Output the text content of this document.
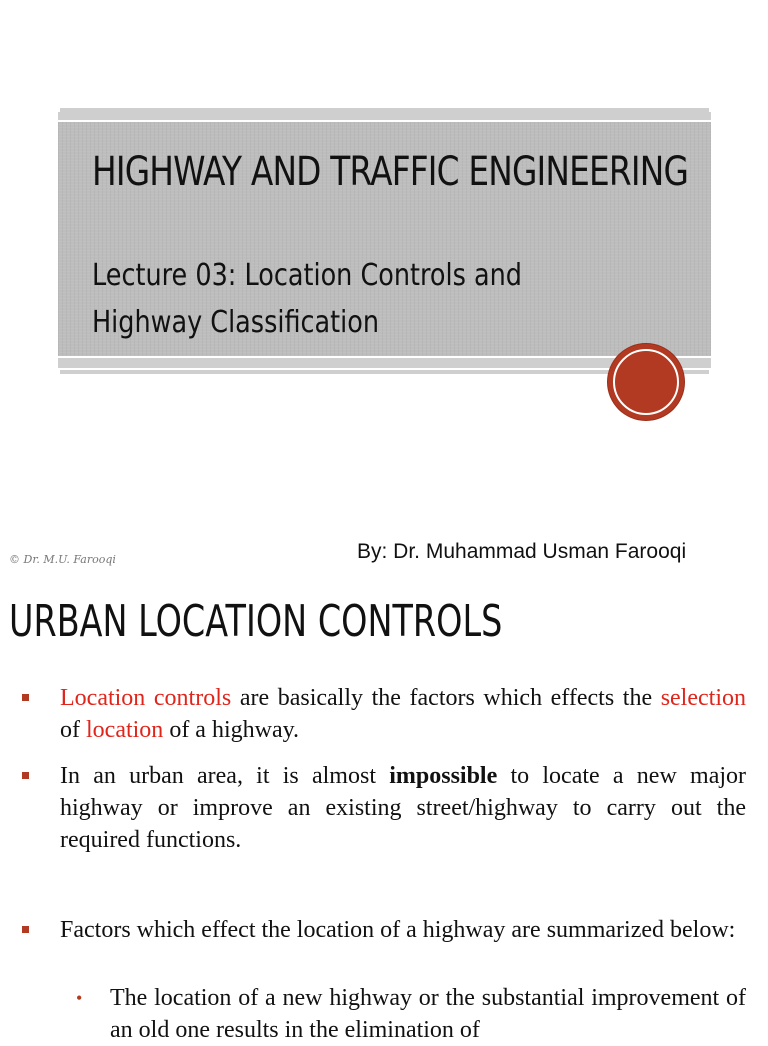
HIGHWAY AND TRAFFIC ENGINEERING
Lecture 03: Location Controls and
Highway Classification
By: Dr. Muhammad Usman Farooqi
© Dr. M.U. Farooqi
URBAN LOCATION CONTROLS
Location controls are basically the factors which effects the selection of location of a highway.
In an urban area, it is almost impossible to locate a new major highway or improve an existing street/highway to carry out the required functions.
Factors which effect the location of a highway are summarized below:
• The location of a new highway or the substantial improvement of an old one results in the elimination of
